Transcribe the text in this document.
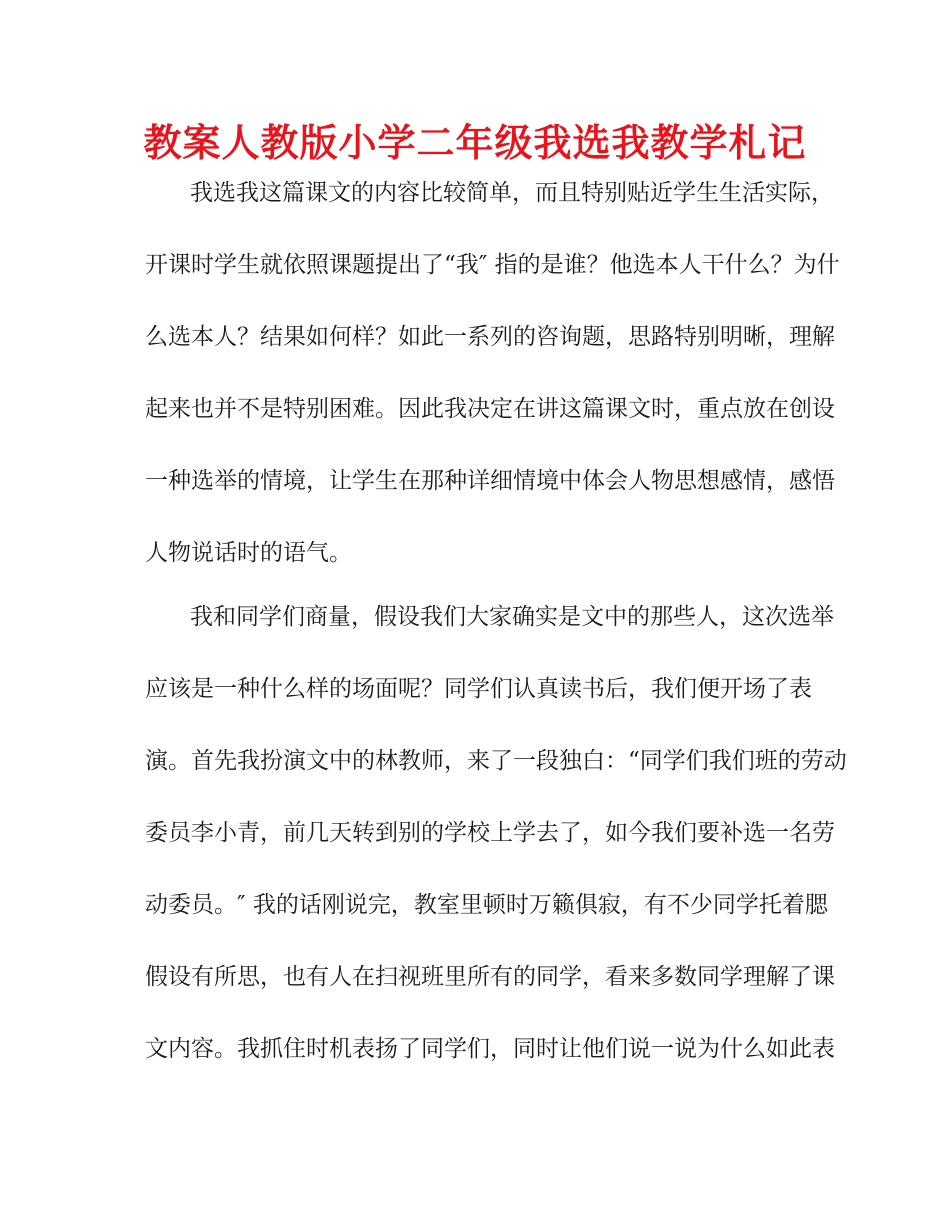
教案人教版小学二年级我选我教学札记

我选我这篇课文的内容比较简单，而且特别贴近学生生活实际，

开课时学生就依照课题提出了“我″ 指的是谁？他选本人干什么？为什

么选本人？结果如何样？如此一系列的咨询题，思路特别明晰，理解

起来也并不是特别困难。因此我决定在讲这篇课文时，重点放在创设

一种选举的情境，让学生在那种详细情境中体会人物思想感情，感悟

人物说话时的语气。

我和同学们商量，假设我们大家确实是文中的那些人，这次选举

应该是一种什么样的场面呢？同学们认真读书后，我们便开场了表

演。首先我扮演文中的林教师，来了一段独白：“同学们我们班的劳动

委员李小青，前几天转到别的学校上学去了，如今我们要补选一名劳

动委员。″ 我的话刚说完，教室里顿时万籁俱寂，有不少同学托着腮

假设有所思，也有人在扫视班里所有的同学，看来多数同学理解了课

文内容。我抓住时机表扬了同学们，同时让他们说一说为什么如此表
